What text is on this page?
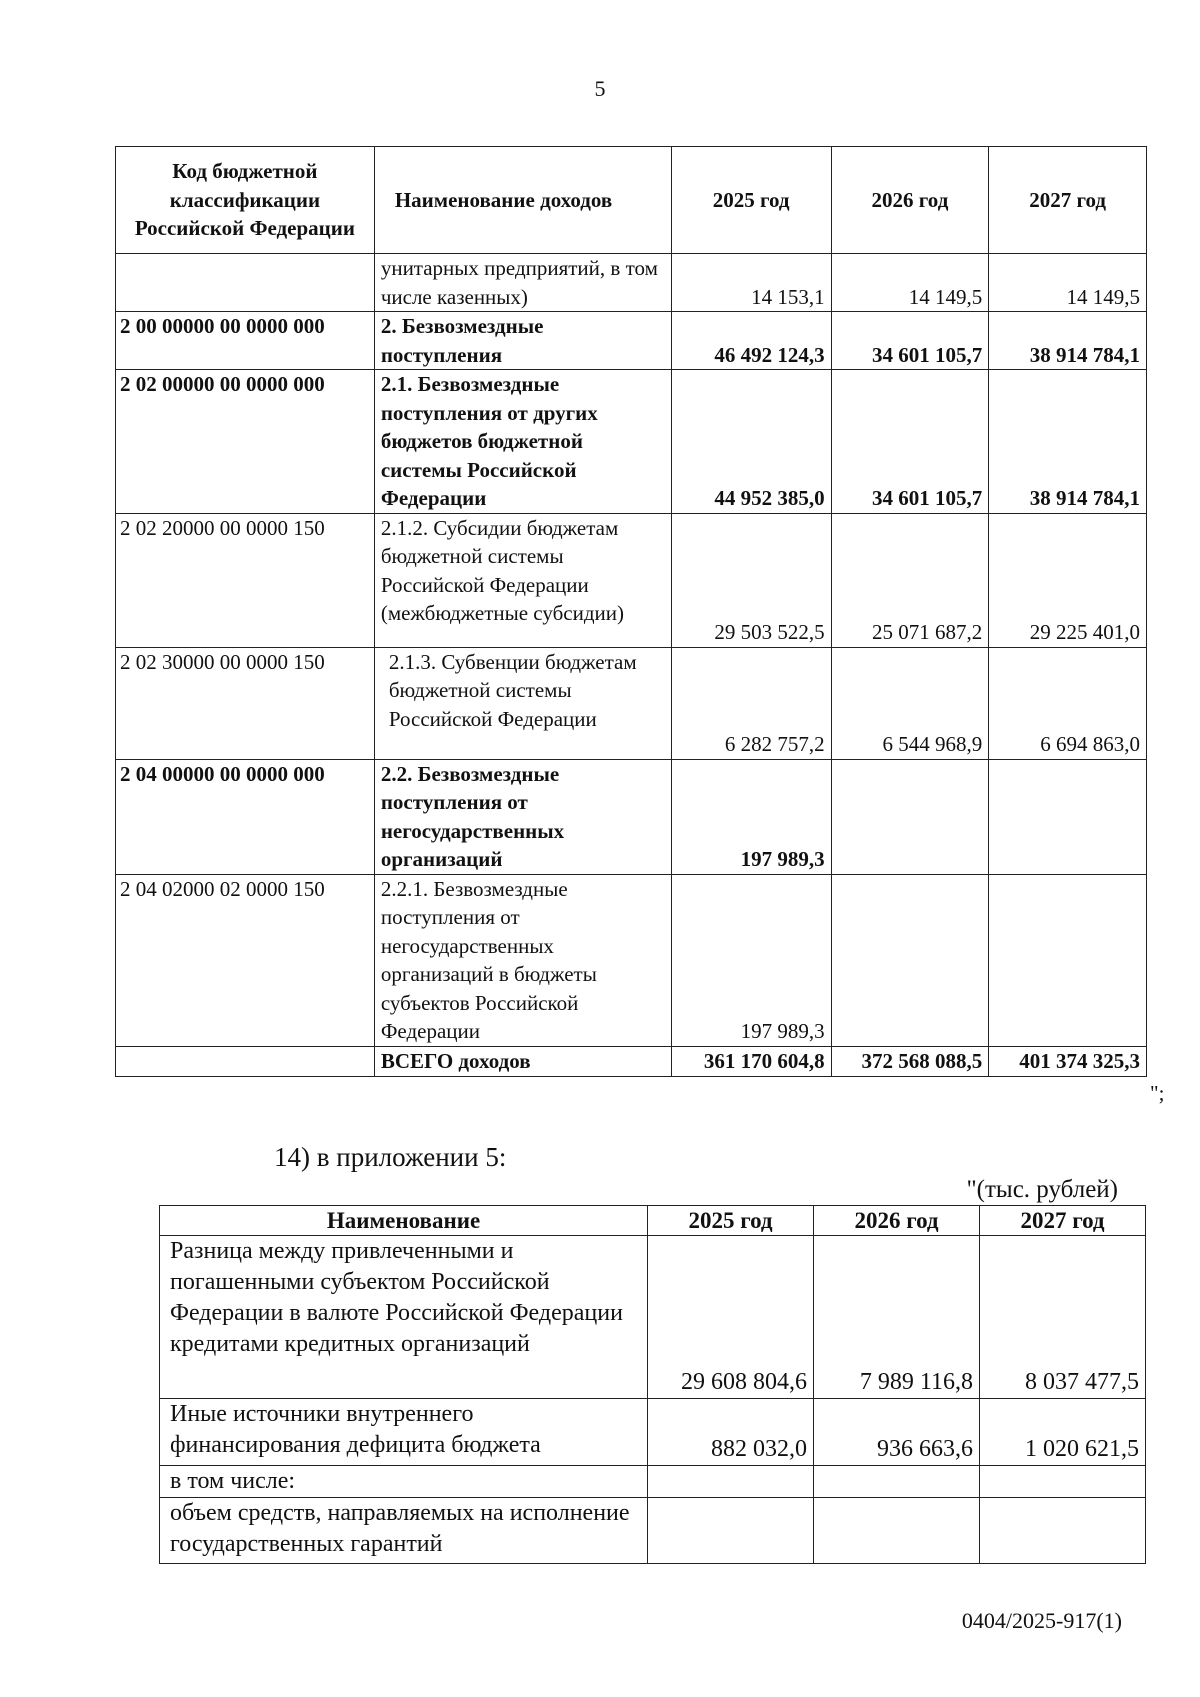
5
Код бюджетной классификации Российской Федерации	Наименование доходов	2025 год	2026 год	2027 год
	унитарных предприятий, в том числе казенных)	14 153,1	14 149,5	14 149,5
2 00 00000 00 0000 000	2. Безвозмездные поступления	46 492 124,3	34 601 105,7	38 914 784,1
2 02 00000 00 0000 000	2.1. Безвозмездные поступления от других бюджетов бюджетной системы Российской Федерации	44 952 385,0	34 601 105,7	38 914 784,1
2 02 20000 00 0000 150	2.1.2. Субсидии бюджетам бюджетной системы Российской Федерации (межбюджетные субсидии)	29 503 522,5	25 071 687,2	29 225 401,0
2 02 30000 00 0000 150	2.1.3. Субвенции бюджетам бюджетной системы Российской Федерации	6 282 757,2	6 544 968,9	6 694 863,0
2 04 00000 00 0000 000	2.2. Безвозмездные поступления от негосударственных организаций	197 989,3		
2 04 02000 02 0000 150	2.2.1. Безвозмездные поступления от негосударственных организаций в бюджеты субъектов Российской Федерации	197 989,3		
	ВСЕГО доходов	361 170 604,8	372 568 088,5	401 374 325,3
";
14) в приложении 5:
"(тыс. рублей)
Наименование	2025 год	2026 год	2027 год
Разница между привлеченными и погашенными субъектом Российской Федерации в валюте Российской Федерации кредитами кредитных организаций	29 608 804,6	7 989 116,8	8 037 477,5
Иные источники внутреннего финансирования дефицита бюджета	882 032,0	936 663,6	1 020 621,5
в том числе:			
объем средств, направляемых на исполнение государственных гарантий			
0404/2025-917(1)
